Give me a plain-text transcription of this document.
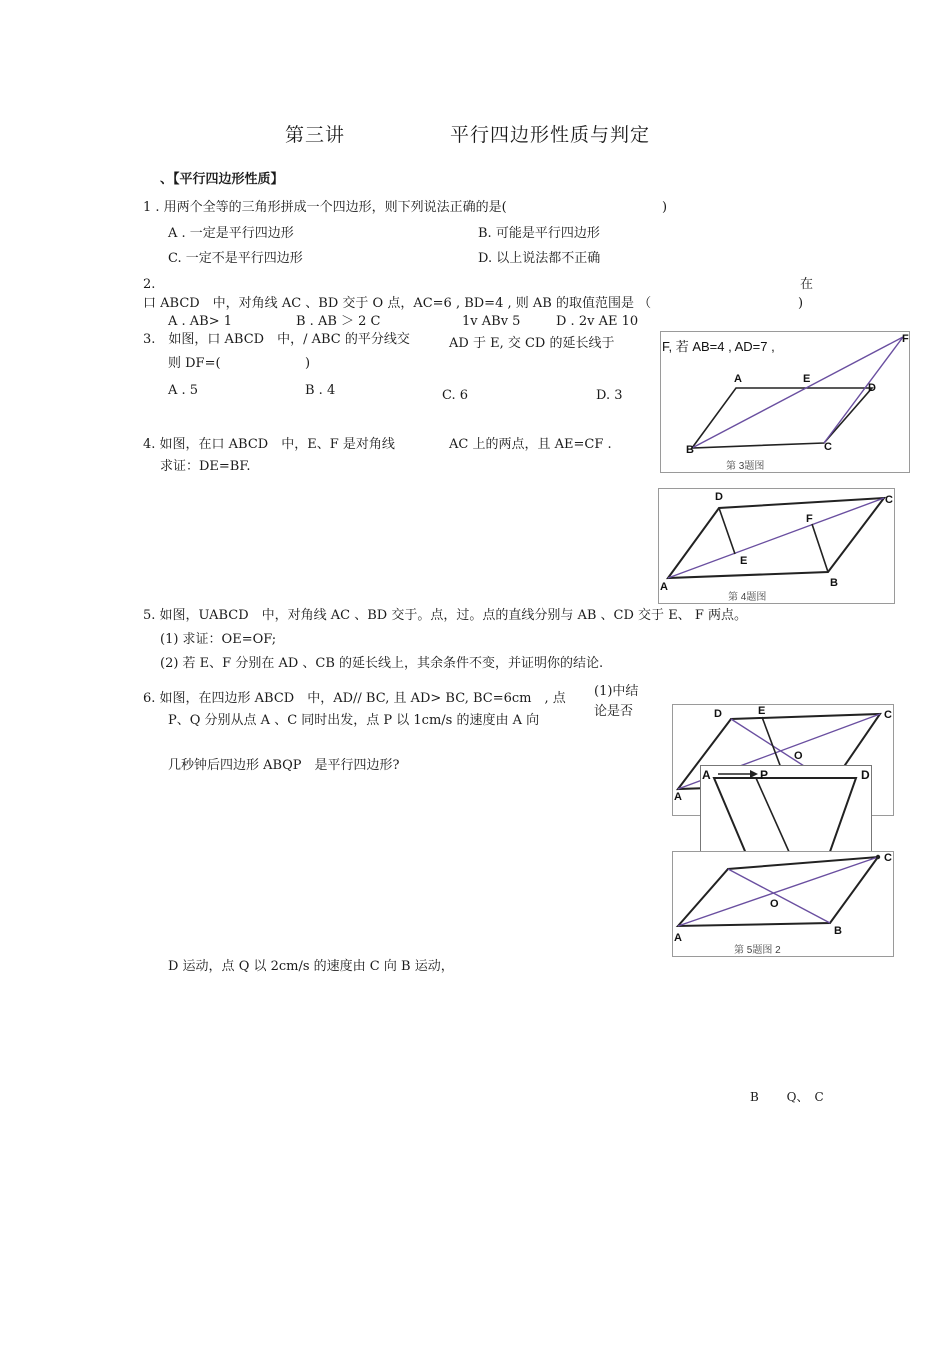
第三讲	平行四边形性质与判定
、【平行四边形性质】
1 . 用两个全等的三角形拼成一个四边形，则下列说法正确的是(	)
A . 一定是平行四边形	B. 可能是平行四边形
C. 一定不是平行四边形	D. 以上说法都不正确
2.	在
口 ABCD　中，对角线 AC 、BD 交于 O 点，AC=6 , BD=4 , 则 AB 的取值范围是 （	)
A . AB> 1	B . AB ＞ 2 C	1v ABv 5	D . 2v AE 10
3.　如图，口 ABCD　中，/ ABC 的平分线交	AD 于 E, 交 CD 的延长线于
则 DF=(	)
A . 5	B . 4	C. 6	D. 3
4. 如图，在口 ABCD　中，E、F 是对角线	AC 上的两点，且 AE=CF .
求证：DE=BF.
5. 如图，UABCD　中，对角线 AC 、BD 交于。点，过。点的直线分别与 AB 、CD 交于 E、 F 两点。
(1) 求证：OE=OF;
(2) 若 E、F 分别在 AD 、CB 的延长线上，其余条件不变，并证明你的结论.
6. 如图，在四边形 ABCD　中，AD// BC, 且 AD> BC, BC=6cm　, 点 (1)中结
论是否
P、Q 分别从点 A 、C 同时出发，点 P 以 1cm/s 的速度由 A 向
几秒钟后四边形 ABQP　是平行四边形?
D 运动，点 Q 以 2cm/s 的速度由 C 向 B 运动，
B　　 Q、　C
F, 若 AB=4 , AD=7 ,
A	E
D
B	C
F
第 3题图
D	C
F
E
A	B
第 4题图
D	E	C
O
A
A	P	D
C
O
A
B
第 5题图 2
